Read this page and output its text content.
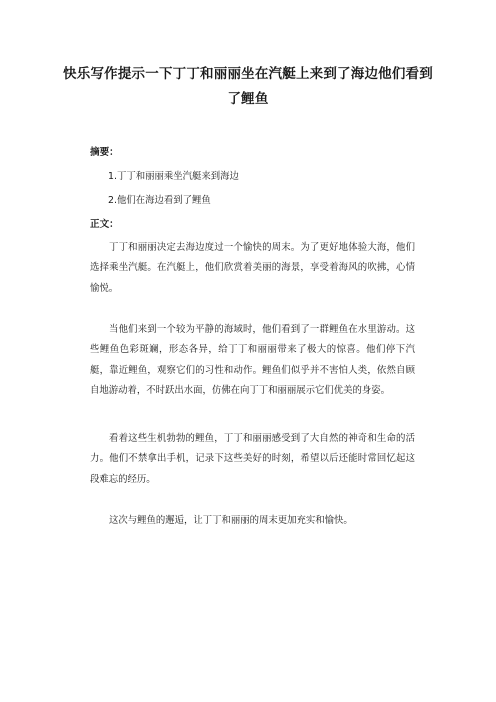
快乐写作提示一下丁丁和丽丽坐在汽艇上来到了海边他们看到了鲤鱼
摘要：
1.丁丁和丽丽乘坐汽艇来到海边
2.他们在海边看到了鲤鱼
正文：

丁丁和丽丽决定去海边度过一个愉快的周末。为了更好地体验大海，他们选择乘坐汽艇。在汽艇上，他们欣赏着美丽的海景，享受着海风的吹拂，心情愉悦。

当他们来到一个较为平静的海域时，他们看到了一群鲤鱼在水里游动。这些鲤鱼色彩斑斓，形态各异，给丁丁和丽丽带来了极大的惊喜。他们停下汽艇，靠近鲤鱼，观察它们的习性和动作。鲤鱼们似乎并不害怕人类，依然自顾自地游动着，不时跃出水面，仿佛在向丁丁和丽丽展示它们优美的身姿。

看着这些生机勃勃的鲤鱼，丁丁和丽丽感受到了大自然的神奇和生命的活力。他们不禁拿出手机，记录下这些美好的时刻，希望以后还能时常回忆起这段难忘的经历。

这次与鲤鱼的邂逅，让丁丁和丽丽的周末更加充实和愉快。
